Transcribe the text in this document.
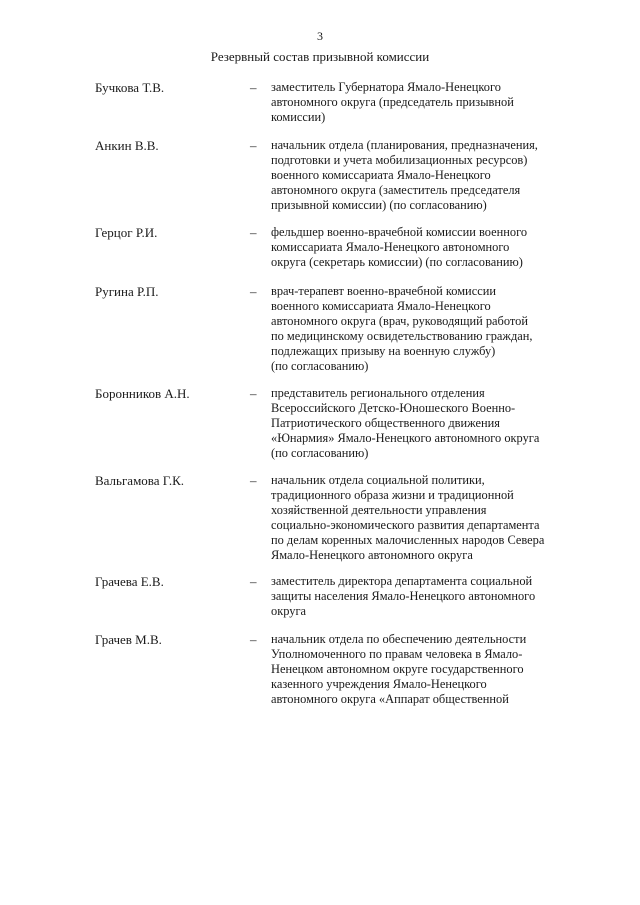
3
Резервный состав призывной комиссии
Бучкова Т.В.	– заместитель Губернатора Ямало-Ненецкого
автономного округа (председатель призывной
комиссии)
Анкин В.В.	– начальник отдела (планирования, предназначения,
подготовки и учета мобилизационных ресурсов)
военного комиссариата Ямало-Ненецкого
автономного округа (заместитель председателя
призывной комиссии) (по согласованию)
Герцог Р.И.	– фельдшер военно-врачебной комиссии военного
комиссариата Ямало-Ненецкого автономного
округа (секретарь комиссии) (по согласованию)
Ругина Р.П.	– врач-терапевт военно-врачебной комиссии
военного комиссариата Ямало-Ненецкого
автономного округа (врач, руководящий работой
по медицинскому освидетельствованию граждан,
подлежащих призыву на военную службу)
(по согласованию)
Боронников А.Н.	– представитель регионального отделения
Всероссийского Детско-Юношеского Военно-
Патриотического общественного движения
«Юнармия» Ямало-Ненецкого автономного округа
(по согласованию)
Вальгамова Г.К.	– начальник отдела социальной политики,
традиционного образа жизни и традиционной
хозяйственной деятельности управления
социально-экономического развития департамента
по делам коренных малочисленных народов Севера
Ямало-Ненецкого автономного округа
Грачева Е.В.	– заместитель директора департамента социальной
защиты населения Ямало-Ненецкого автономного
округа
Грачев М.В.	– начальник отдела по обеспечению деятельности
Уполномоченного по правам человека в Ямало-
Ненецком автономном округе государственного
казенного учреждения Ямало-Ненецкого
автономного округа «Аппарат общественной
